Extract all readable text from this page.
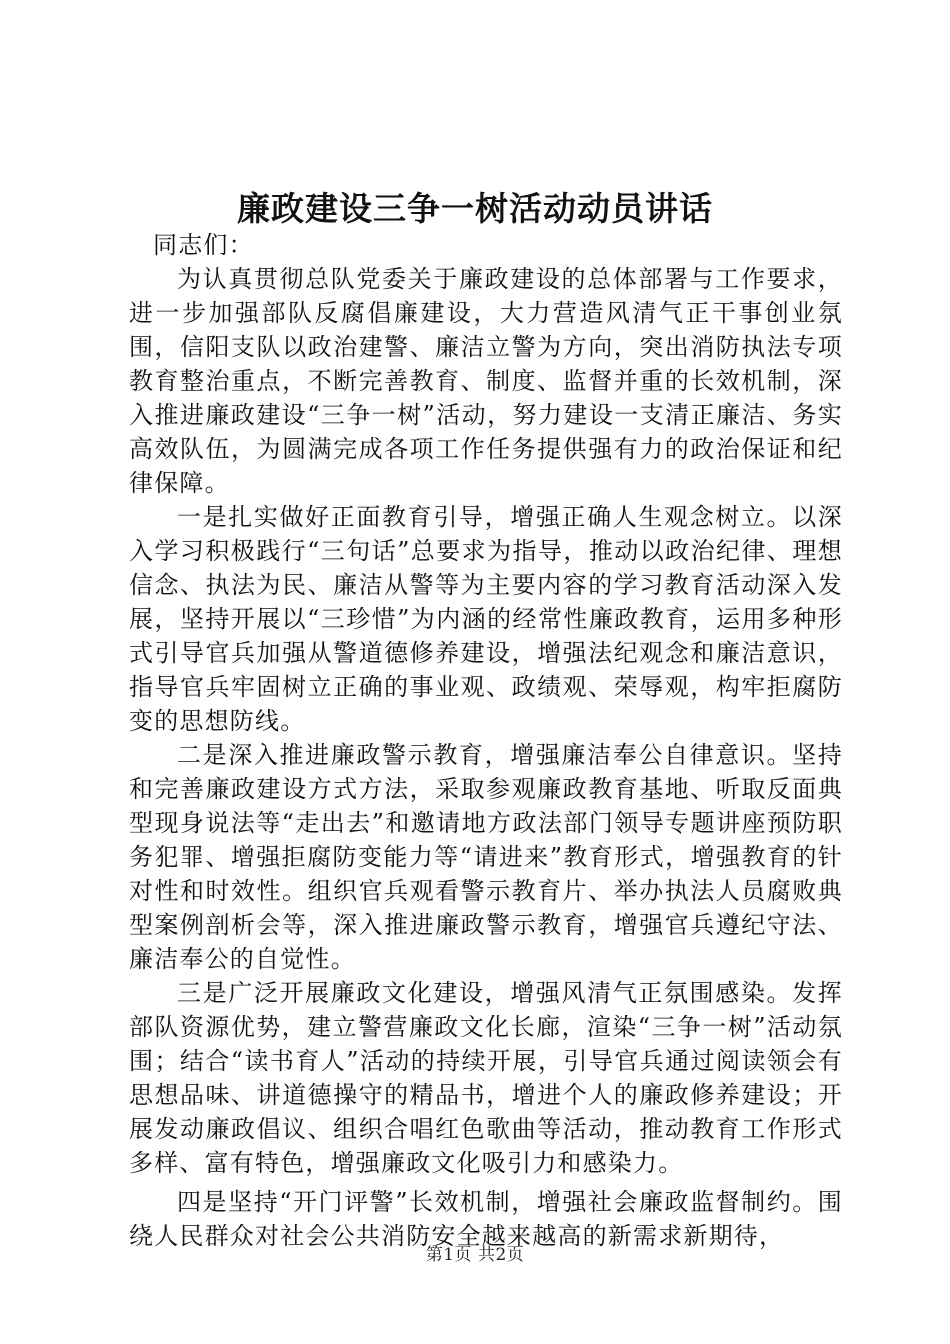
廉政建设三争一树活动动员讲话

同志们：

为认真贯彻总队党委关于廉政建设的总体部署与工作要求，进一步加强部队反腐倡廉建设，大力营造风清气正干事创业氛围，信阳支队以政治建警、廉洁立警为方向，突出消防执法专项教育整治重点，不断完善教育、制度、监督并重的长效机制，深入推进廉政建设“三争一树”活动，努力建设一支清正廉洁、务实高效队伍，为圆满完成各项工作任务提供强有力的政治保证和纪律保障。

一是扎实做好正面教育引导，增强正确人生观念树立。以深入学习积极践行“三句话”总要求为指导，推动以政治纪律、理想信念、执法为民、廉洁从警等为主要内容的学习教育活动深入发展，坚持开展以“三珍惜”为内涵的经常性廉政教育，运用多种形式引导官兵加强从警道德修养建设，增强法纪观念和廉洁意识，指导官兵牢固树立正确的事业观、政绩观、荣辱观，构牢拒腐防变的思想防线。

二是深入推进廉政警示教育，增强廉洁奉公自律意识。坚持和完善廉政建设方式方法，采取参观廉政教育基地、听取反面典型现身说法等“走出去”和邀请地方政法部门领导专题讲座预防职务犯罪、增强拒腐防变能力等“请进来”教育形式，增强教育的针对性和时效性。组织官兵观看警示教育片、举办执法人员腐败典型案例剖析会等，深入推进廉政警示教育，增强官兵遵纪守法、廉洁奉公的自觉性。

三是广泛开展廉政文化建设，增强风清气正氛围感染。发挥部队资源优势，建立警营廉政文化长廊，渲染“三争一树”活动氛围；结合“读书育人”活动的持续开展，引导官兵通过阅读领会有思想品味、讲道德操守的精品书，增进个人的廉政修养建设；开展发动廉政倡议、组织合唱红色歌曲等活动，推动教育工作形式多样、富有特色，增强廉政文化吸引力和感染力。

四是坚持“开门评警”长效机制，增强社会廉政监督制约。围绕人民群众对社会公共消防安全越来越高的新需求新期待，

第1页 共2页
